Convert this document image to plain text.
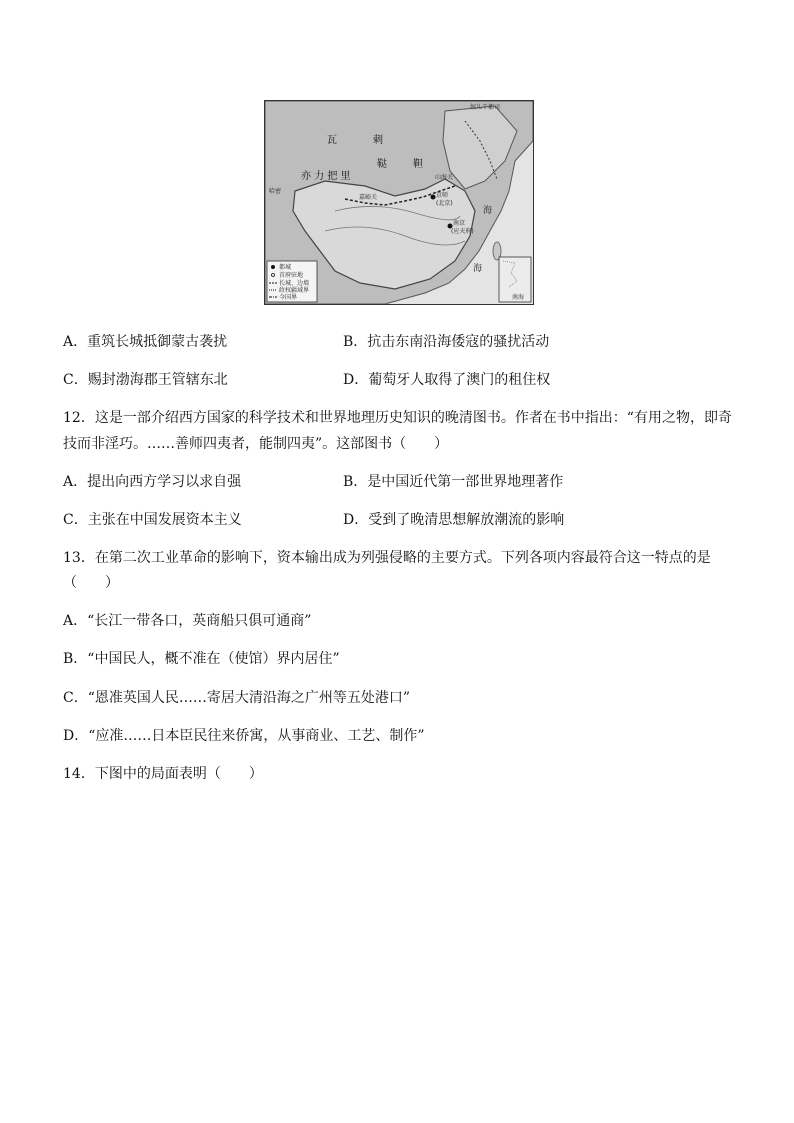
瓦	剌
鞑	靼
亦 力 把 里
哈密
嘉峪关
山海关
京师
(北京)
南京
(应天府)
奴儿干都司
海
海
都城
首府驻地
长城、边墙
政权疆域界
今国界	南海
A．重筑长城抵御蒙古袭扰	B．抗击东南沿海倭寇的骚扰活动
C．赐封渤海郡王管辖东北	D．葡萄牙人取得了澳门的租住权
12．这是一部介绍西方国家的科学技术和世界地理历史知识的晚清图书。作者在书中指出：“有用之物，即奇
技而非淫巧。……善师四夷者，能制四夷”。这部图书（　　）
A．提出向西方学习以求自强	B．是中国近代第一部世界地理著作
C．主张在中国发展资本主义	D．受到了晚清思想解放潮流的影响
13．在第二次工业革命的影响下，资本输出成为列强侵略的主要方式。下列各项内容最符合这一特点的是
（　　）
A．“长江一带各口，英商船只俱可通商”
B．“中国民人，概不准在（使馆）界内居住”
C．“恩准英国人民……寄居大清沿海之广州等五处港口”
D．“应准……日本臣民往来侨寓，从事商业、工艺、制作”
14．下图中的局面表明（　　）
